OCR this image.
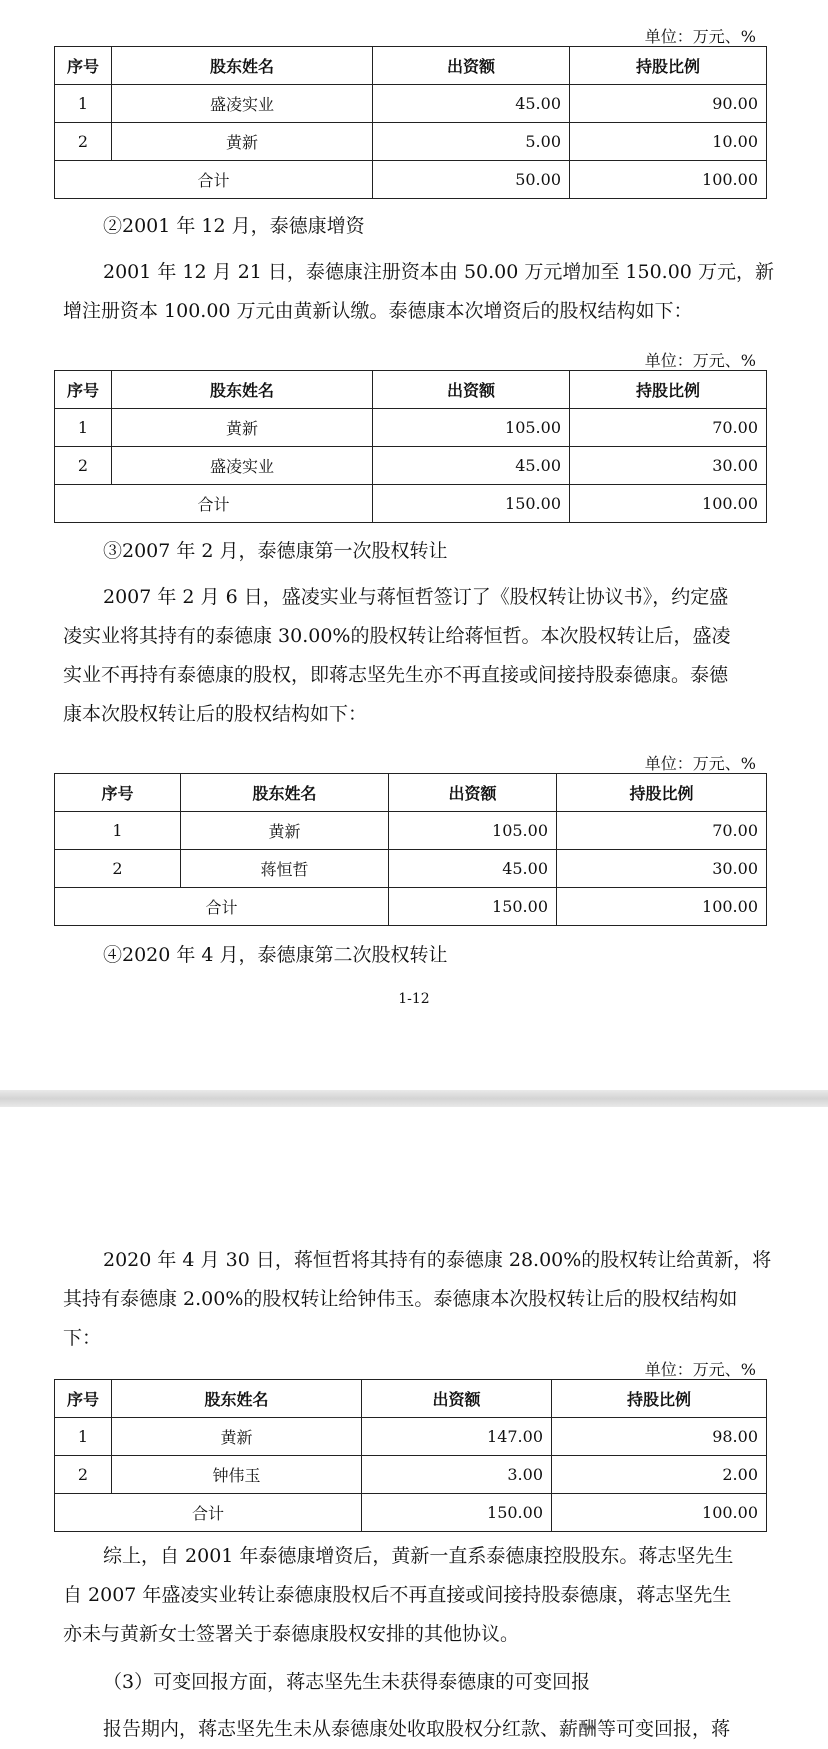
单位：万元、%
序号	股东姓名	出资额	持股比例
1	盛凌实业	45.00	90.00
2	黄新	5.00	10.00
合计		50.00	100.00
②2001 年 12 月，泰德康增资
2001 年 12 月 21 日，泰德康注册资本由 50.00 万元增加至 150.00 万元，新
增注册资本 100.00 万元由黄新认缴。泰德康本次增资后的股权结构如下：
单位：万元、%
序号	股东姓名	出资额	持股比例
1	黄新	105.00	70.00
2	盛凌实业	45.00	30.00
合计		150.00	100.00
③2007 年 2 月，泰德康第一次股权转让
2007 年 2 月 6 日，盛凌实业与蒋恒哲签订了《股权转让协议书》，约定盛
凌实业将其持有的泰德康 30.00%的股权转让给蒋恒哲。本次股权转让后，盛凌
实业不再持有泰德康的股权，即蒋志坚先生亦不再直接或间接持股泰德康。泰德
康本次股权转让后的股权结构如下：
单位：万元、%
序号	股东姓名	出资额	持股比例
1	黄新	105.00	70.00
2	蒋恒哲	45.00	30.00
合计		150.00	100.00
④2020 年 4 月，泰德康第二次股权转让
1-12
2020 年 4 月 30 日，蒋恒哲将其持有的泰德康 28.00%的股权转让给黄新，将
其持有泰德康 2.00%的股权转让给钟伟玉。泰德康本次股权转让后的股权结构如
下：
单位：万元、%
序号	股东姓名	出资额	持股比例
1	黄新	147.00	98.00
2	钟伟玉	3.00	2.00
合计		150.00	100.00
综上，自 2001 年泰德康增资后，黄新一直系泰德康控股股东。蒋志坚先生
自 2007 年盛凌实业转让泰德康股权后不再直接或间接持股泰德康，蒋志坚先生
亦未与黄新女士签署关于泰德康股权安排的其他协议。
（3）可变回报方面，蒋志坚先生未获得泰德康的可变回报
报告期内，蒋志坚先生未从泰德康处收取股权分红款、薪酬等可变回报，蒋
